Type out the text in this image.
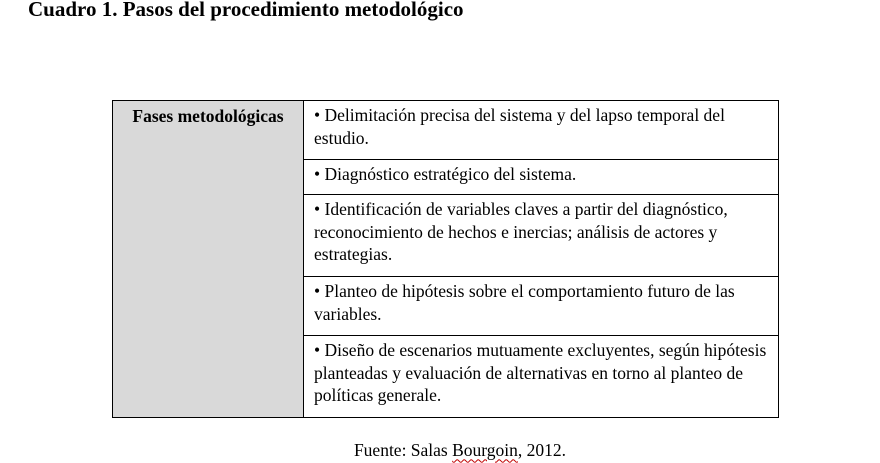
Cuadro 1. Pasos del procedimiento metodológico
Fases metodológicas	• Delimitación precisa del sistema y del lapso temporal del estudio.
• Diagnóstico estratégico del sistema.
• Identificación de variables claves a partir del diagnóstico, reconocimiento de hechos e inercias; análisis de actores y estrategias.
• Planteo de hipótesis sobre el comportamiento futuro de las variables.
• Diseño de escenarios mutuamente excluyentes, según hipótesis planteadas y evaluación de alternativas en torno al planteo de políticas generale.

Fuente: Salas Bourgoin, 2012.
